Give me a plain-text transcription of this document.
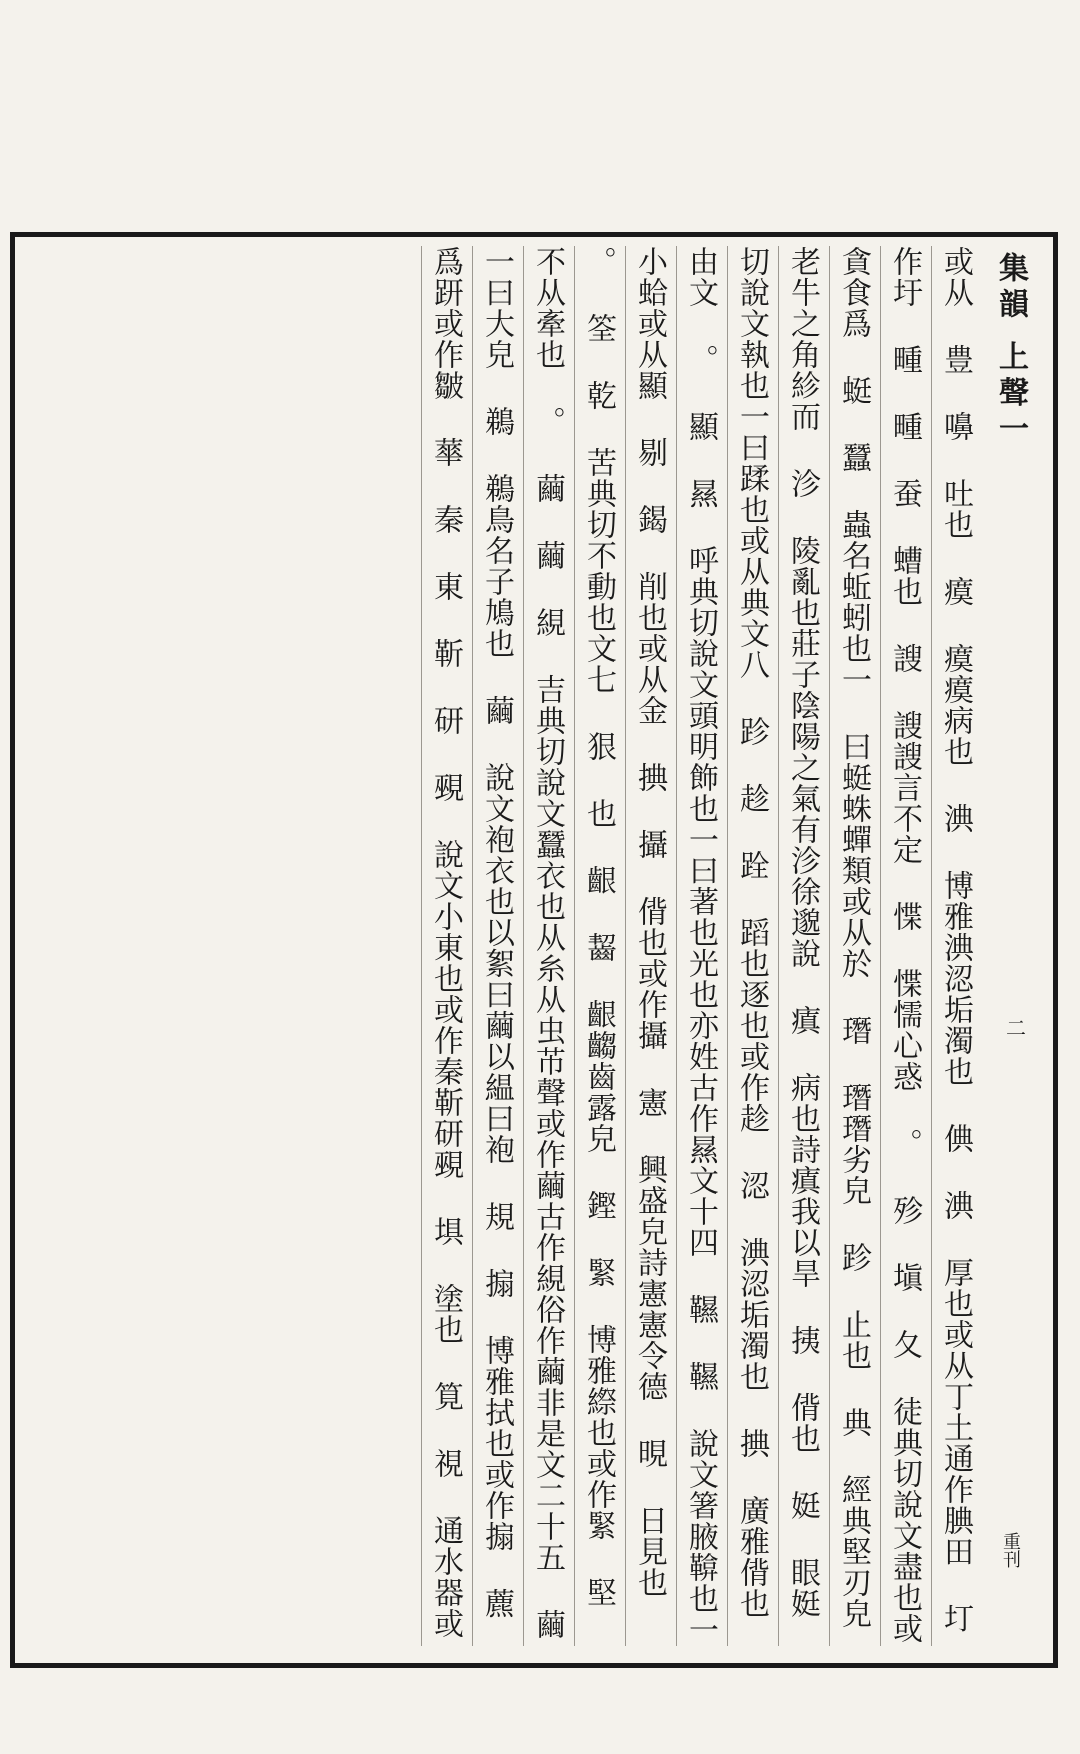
集韻 上聲一
二
重刊
或从 豊 嚊 吐也 瘼 瘼瘼病也 淟 博雅淟涊垢濁也 倎 淟 厚也或从丁土通作腆田 圢
作圩 畽 畽 蚕 螬也 謏 謏謏言不定 惵 惵懦心惑 。 殄 塡 夂 徒典切說文盡也或
貪食爲 蜓 蠶 蟲名蚯蚓也一 曰蜓蛛蟬類或从於 㻸 㻸㻸劣皃 跈 止也 典 經典堅刃皃
老牛之角紾而 沴 陵亂也莊子陰陽之氣有沴徐邈說 瘨 病也詩瘨我以旱 挗 偝也 娗 眼娗
切說文執也一曰蹂也或从典文八 跈 趁 跧 蹈也逐也或作趁 涊 淟涊垢濁也 捵 廣雅偝也
由文 。 顯 㬎 呼典切說文頭明飾也一曰著也光也亦姓古作㬎文十四 韅 韅 說文箸腋鞥也一
小蛤或从顯 剔 鍻 削也或从金 捵 攝 偝也或作攝 憲 興盛皃詩憲憲令德 晛 日見也
。 筌 乾 苦典切不動也文七 狠 也 齦 齧 齦齺齒露皃 鏗 緊 博雅縩也或作緊 堅
不从牽也 。 繭 繭 絸 吉典切說文蠶衣也从糸从虫芇聲或作繭古作絸俗作繭非是文二十五 繭
一曰大皃 鵜 鵜鳥名子鳩也 繭 說文袍衣也以絮曰繭以緼曰袍 規 搧 博雅拭也或作搧 藨
爲趼或作皺 蕐 秦 東 靳 研 覡 說文小東也或作秦靳研覡 埧 塗也 筧 視 通水器或
